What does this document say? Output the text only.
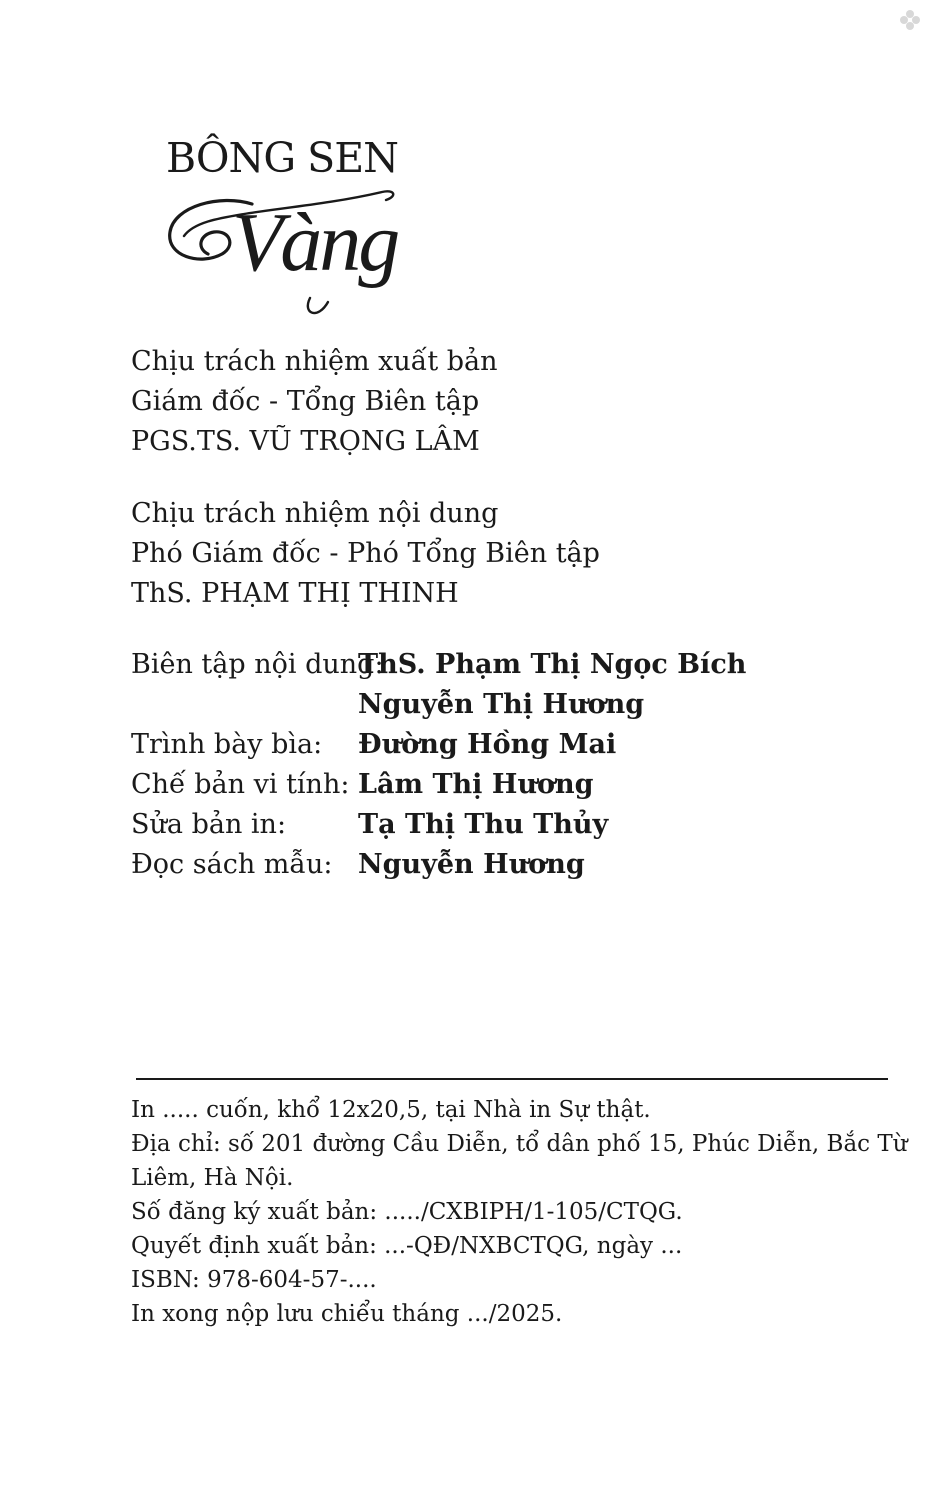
BÔNG SEN
Vàng
Chịu trách nhiệm xuất bản
Giám đốc - Tổng Biên tập
PGS.TS. VŨ TRỌNG LÂM
Chịu trách nhiệm nội dung
Phó Giám đốc - Phó Tổng Biên tập
ThS. PHẠM THỊ THINH
Biên tập nội dung:
ThS. Phạm Thị Ngọc Bích
Nguyễn Thị Hương
Trình bày bìa: Đường Hồng Mai
Chế bản vi tính: Lâm Thị Hương
Sửa bản in:	Tạ Thị Thu Thủy
Đọc sách mẫu: Nguyễn Hương
In ..... cuốn, khổ 12x20,5, tại Nhà in Sự thật.
Địa chỉ: số 201 đường Cầu Diễn, tổ dân phố 15, Phúc Diễn, Bắc Từ
Liêm, Hà Nội.
Số đăng ký xuất bản: ...../CXBIPH/1-105/CTQG.
Quyết định xuất bản: ...-QĐ/NXBCTQG, ngày ...
ISBN: 978-604-57-....
In xong nộp lưu chiểu tháng .../2025.
